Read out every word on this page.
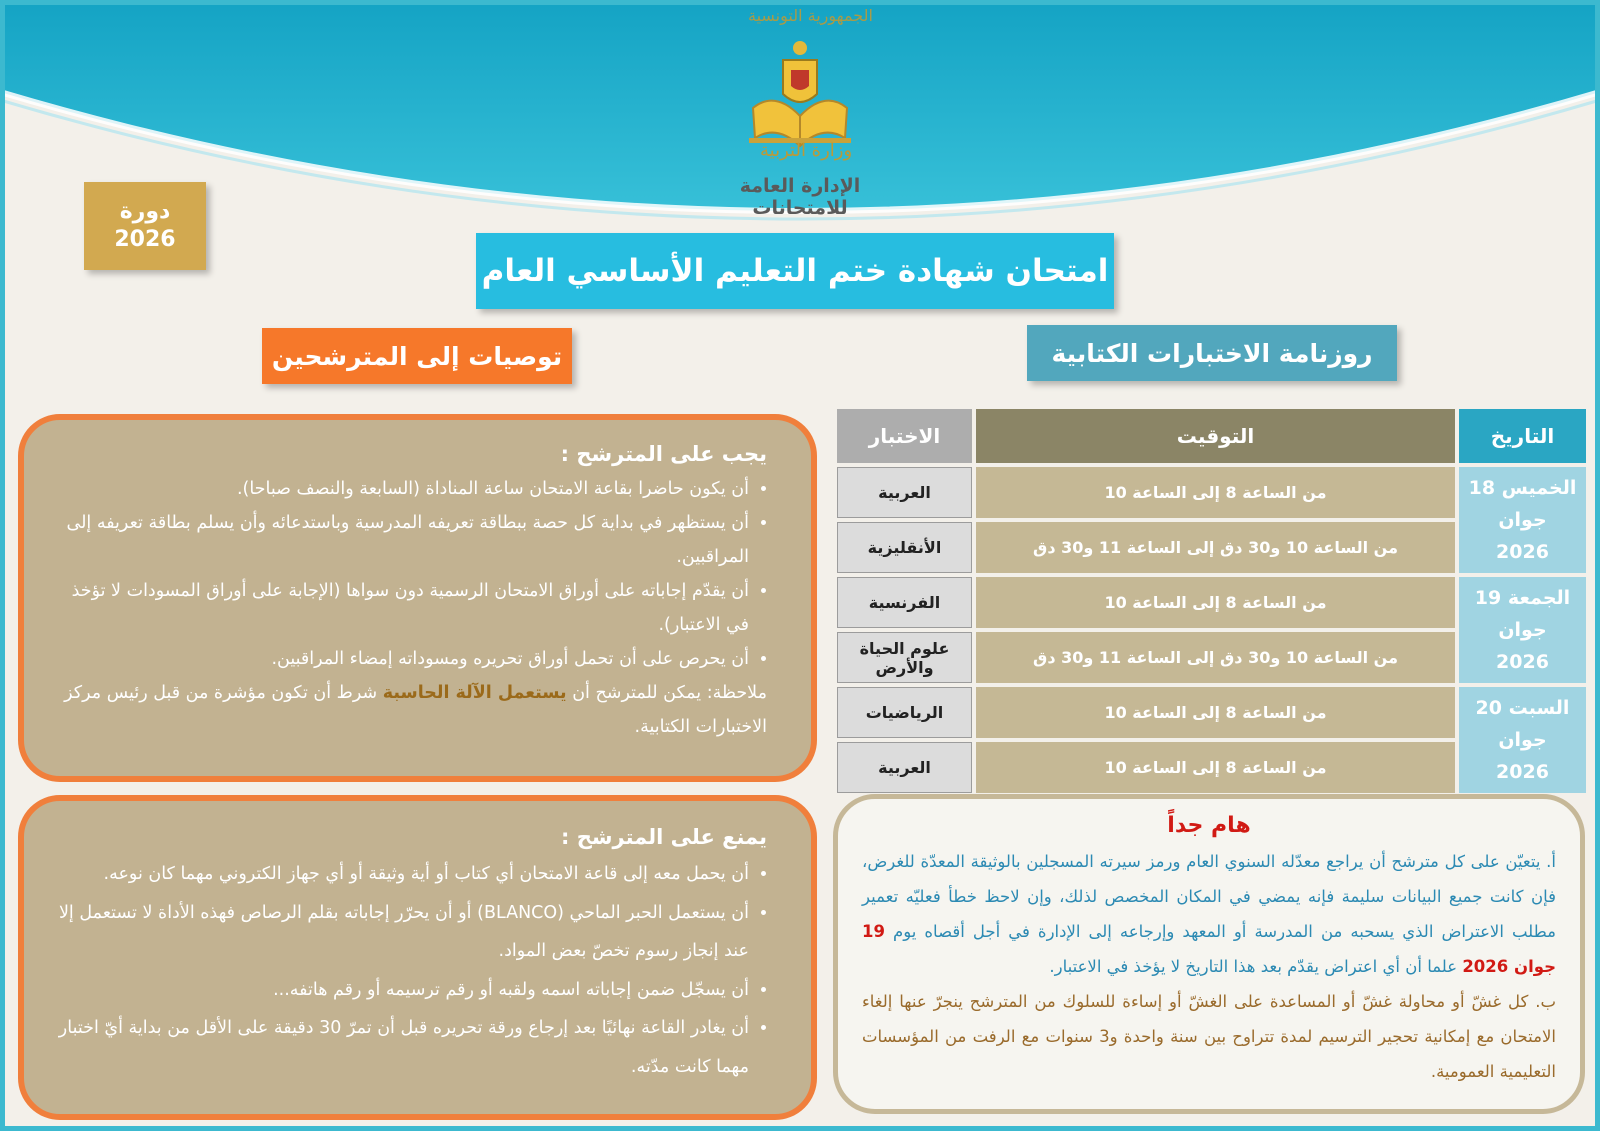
الجمهورية التونسية
وزارة التربية
الإدارة العامة للامتحانات
دورة
2026
امتحان شهادة ختم التعليم الأساسي العام
توصيات إلى المترشحين	روزنامة الاختبارات الكتابية
التاريخ	التوقيت	الاختبار

الخميس 18 جوان
2026	من الساعة 8 إلى الساعة 10	العربية
	من الساعة 10 و30 دق إلى الساعة 11 و30 دق	الأنقليزية

الجمعة 19 جوان
2026	من الساعة 8 إلى الساعة 10	الفرنسية
	من الساعة 10 و30 دق إلى الساعة 11 و30 دق	علوم الحياة والأرض

السبت 20 جوان
2026	من الساعة 8 إلى الساعة 10	الرياضيات
	من الساعة 8 إلى الساعة 10	العربية
يجب على المترشح :
• أن يكون حاضرا بقاعة الامتحان ساعة المناداة (السابعة والنصف صباحا).
• أن يستظهر في بداية كل حصة ببطاقة تعريفه المدرسية وباستدعائه وأن يسلم بطاقة تعريفه إلى المراقبين.
• أن يقدّم إجاباته على أوراق الامتحان الرسمية دون سواها (الإجابة على أوراق المسودات لا تؤخذ في الاعتبار).
• أن يحرص على أن تحمل أوراق تحريره ومسوداته إمضاء المراقبين.
ملاحظة: يمكن للمترشح أن يستعمل الآلة الحاسبة شرط أن تكون مؤشرة من قبل رئيس مركز الاختبارات الكتابية.
يمنع على المترشح :
• أن يحمل معه إلى قاعة الامتحان أي كتاب أو أية وثيقة أو أي جهاز الكتروني مهما كان نوعه.
• أن يستعمل الحبر الماحي (BLANCO) أو أن يحرّر إجاباته بقلم الرصاص فهذه الأداة لا تستعمل إلا عند إنجاز رسوم تخصّ بعض المواد.
• أن يسجّل ضمن إجاباته اسمه ولقبه أو رقم ترسيمه أو رقم هاتفه...
• أن يغادر القاعة نهائيًا بعد إرجاع ورقة تحريره قبل أن تمرّ 30 دقيقة على الأقل من بداية أيّ اختبار مهما كانت مدّته.
هام جداً

أ. يتعيّن على كل مترشح أن يراجع معدّله السنوي العام ورمز سيرته المسجلين بالوثيقة المعدّة للغرض، فإن كانت جميع البيانات سليمة فإنه يمضي في المكان المخصص لذلك، وإن لاحظ خطأ فعليّه تعمير مطلب الاعتراض الذي يسحبه من المدرسة أو المعهد وإرجاعه إلى الإدارة في أجل أقصاه يوم 19 جوان 2026 علما أن أي اعتراض يقدّم بعد هذا التاريخ لا يؤخذ في الاعتبار.

ب. كل غشّ أو محاولة غشّ أو المساعدة على الغشّ أو إساءة للسلوك من المترشح ينجرّ عنها إلغاء الامتحان مع إمكانية تحجير الترسيم لمدة تتراوح بين سنة واحدة و3 سنوات مع الرفت من المؤسسات التعليمية العمومية.
